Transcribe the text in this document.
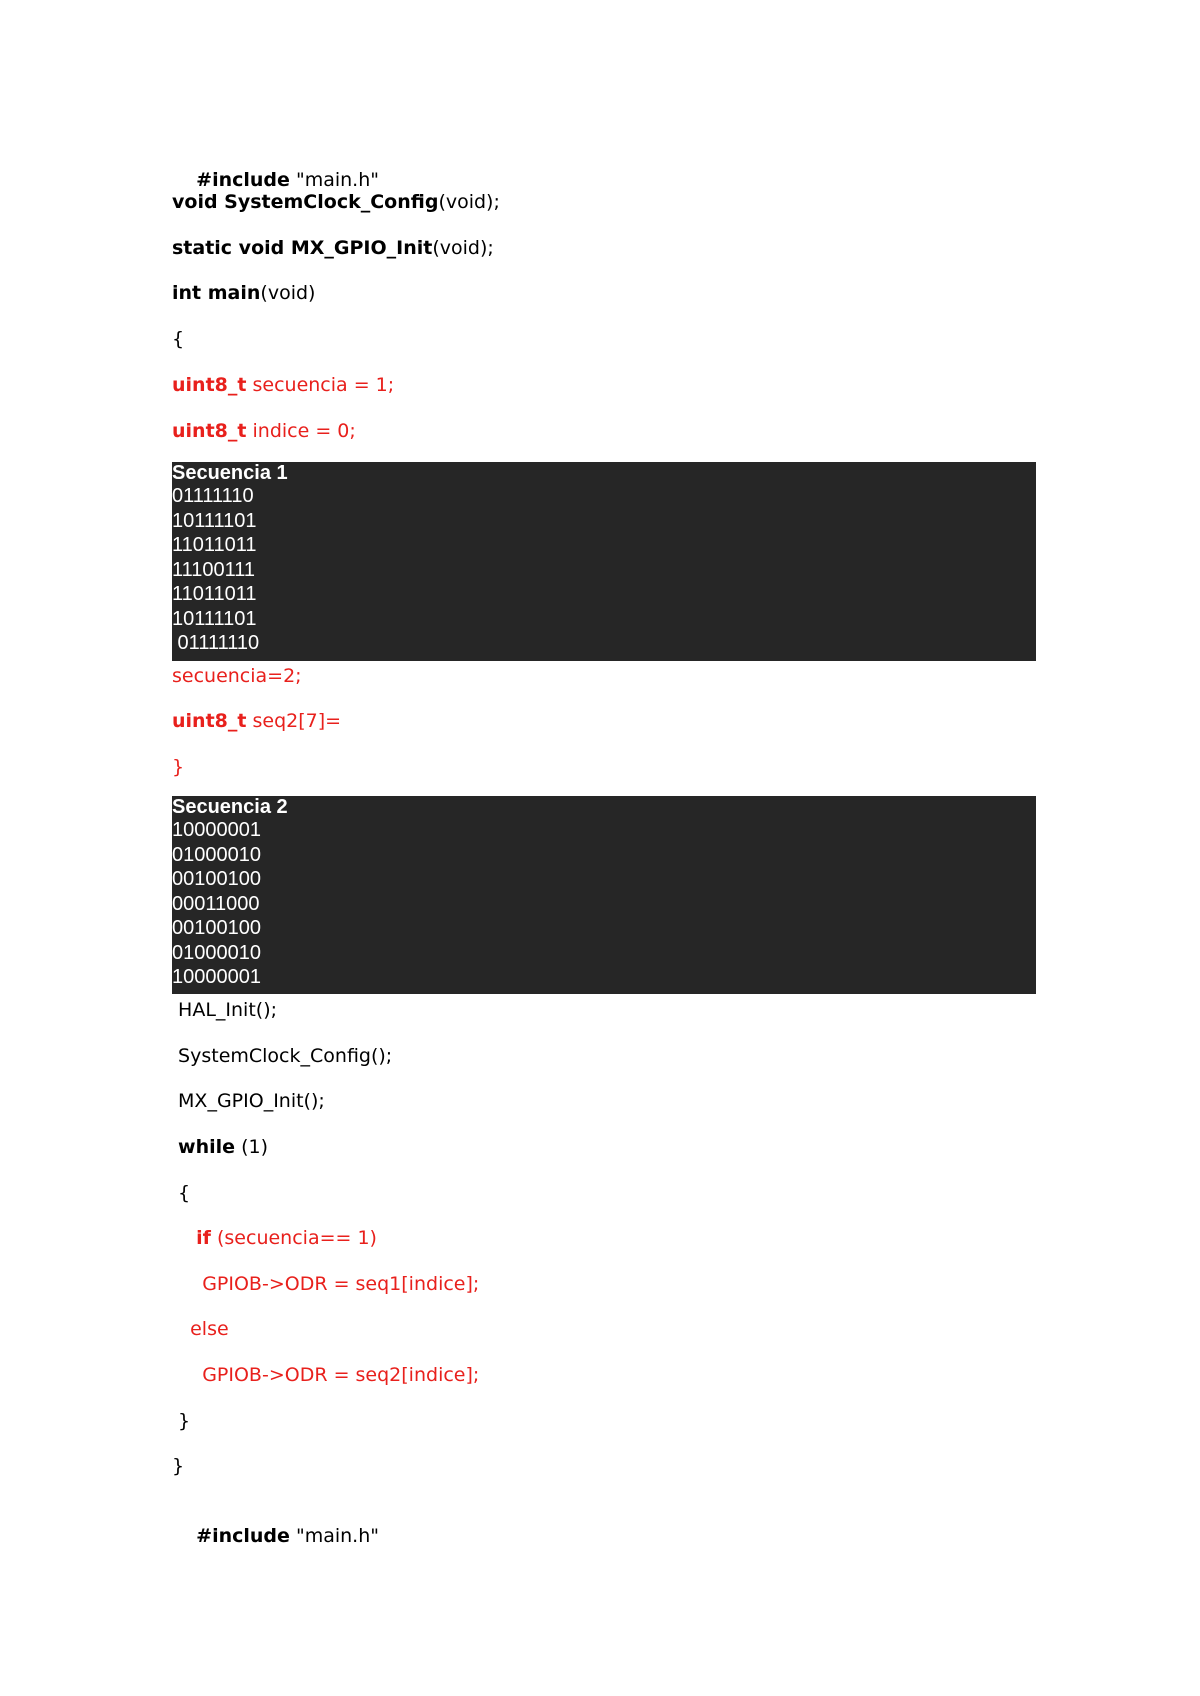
#include "main.h"

void SystemClock_Config(void);
static void MX_GPIO_Init(void);
int main(void)
{
uint8_t secuencia = 1;
uint8_t indice = 0;
Secuencia 1
01111110
10111101
11011011
11100111
11011011
10111101
01111110
secuencia=2;
uint8_t seq2[7]=
}
Secuencia 2
10000001
01000010
00100100
00011000
00100100
01000010
10000001
HAL_Init();
SystemClock_Config();
MX_GPIO_Init();
while (1)
{
if (secuencia== 1)
GPIOB->ODR = seq1[indice];
else
GPIOB->ODR = seq2[indice];
}
}

#include "main.h"
